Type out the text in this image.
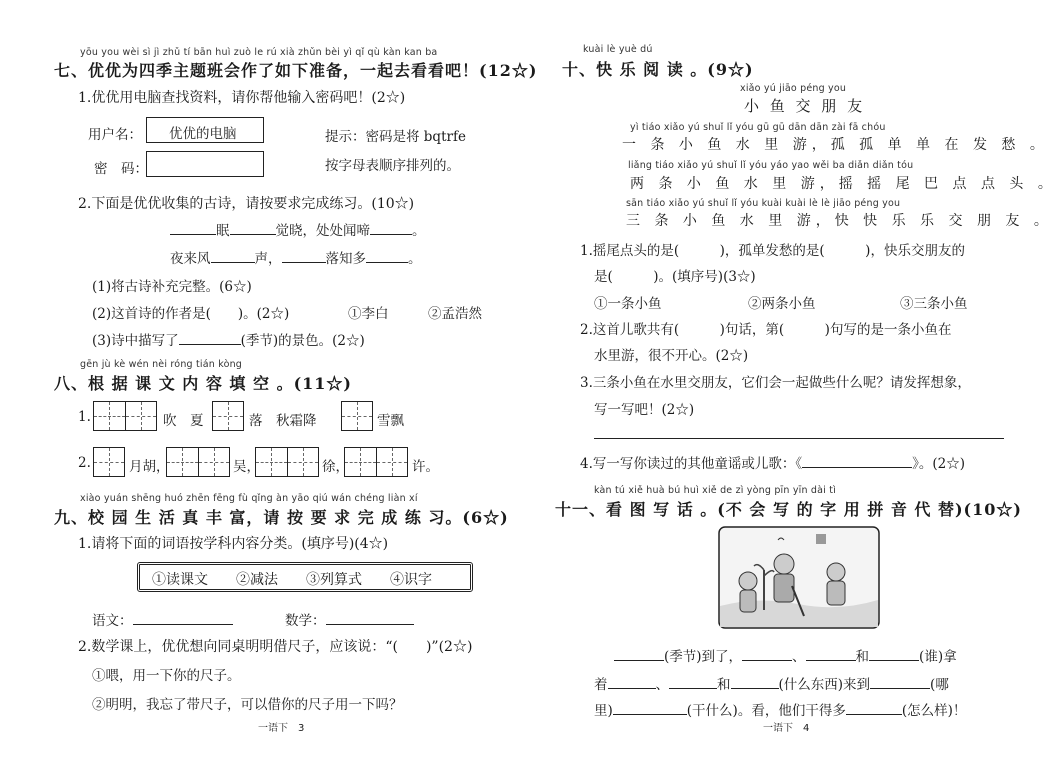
yōu you wèi sì jì zhǔ tí bān huì zuò le rú xià zhǔn bèi yì qǐ qù kàn kan ba
七、优优为四季主题班会作了如下准备，一起去看看吧！(12☆)
1.优优用电脑查找资料，请你帮他输入密码吧！(2☆)
用户名： 优优的电脑
密　码：
提示：密码是将 bqtrfe
按字母表顺序排列的。
2.下面是优优收集的古诗，请按要求完成练习。(10☆)
眠	觉晓，处处闻啼	。
夜来风	声，	落知多	。
(1)将古诗补充完整。(6☆)
(2)这首诗的作者是(　　)。(2☆)	①李白	②孟浩然
(3)诗中描写了	(季节)的景色。(2☆)
gēn jù kè wén nèi róng tián kòng
八、根 据 课 文 内 容 填 空 。(11☆)
1.	吹　夏	落　秋霜降	雪飘
2.	月胡，	吴，	徐，	许。
xiào yuán shēng huó zhēn fēng fù qǐng àn yāo qiú wán chéng liàn xí
九、校 园 生 活 真 丰 富，请 按 要 求 完 成 练 习。(6☆)
1.请将下面的词语按学科内容分类。(填序号)(4☆)
①读课文　　②减法　　③列算式　　④识字
语文：	数学：
2.数学课上，优优想向同桌明明借尺子，应该说：“(　　)”(2☆)
①喂，用一下你的尺子。
②明明，我忘了带尺子，可以借你的尺子用一下吗？
一语下　3
kuài lè yuè dú
十、快 乐 阅 读 。(9☆)
xiǎo yú jiāo péng you
小 鱼 交 朋 友
yì tiáo xiǎo yú shuǐ lǐ yóu gū gū dān dān zài fā chóu
一 条 小 鱼 水 里 游，孤 孤 单 单 在 发 愁 。
liǎng tiáo xiǎo yú shuǐ lǐ yóu yáo yao wěi ba diǎn diǎn tóu
两 条 小 鱼 水 里 游，摇 摇 尾 巴 点 点 头 。
sān tiáo xiǎo yú shuǐ lǐ yóu kuài kuài lè lè jiāo péng you
三 条 小 鱼 水 里 游，快 快 乐 乐 交 朋 友 。
1.摇尾点头的是(　　　)，孤单发愁的是(　　　)，快乐交朋友的
是(　　　)。(填序号)(3☆)
①一条小鱼	②两条小鱼	③三条小鱼
2.这首儿歌共有(　　　)句话，第(　　　)句写的是一条小鱼在
水里游，很不开心。(2☆)
3.三条小鱼在水里交朋友，它们会一起做些什么呢？请发挥想象，
写一写吧！(2☆)
4.写一写你读过的其他童谣或儿歌：《	》。(2☆)
kàn tú xiě huà bú huì xiě de zì yòng pīn yīn dài tì
十一、看 图 写 话 。(不 会 写 的 字 用 拼 音 代 替)(10☆)
(季节)到了，	、	和	(谁)拿
着	、	和	(什么东西)来到	(哪
里)	(干什么)。看，他们干得多	(怎么样)！
一语下　4
